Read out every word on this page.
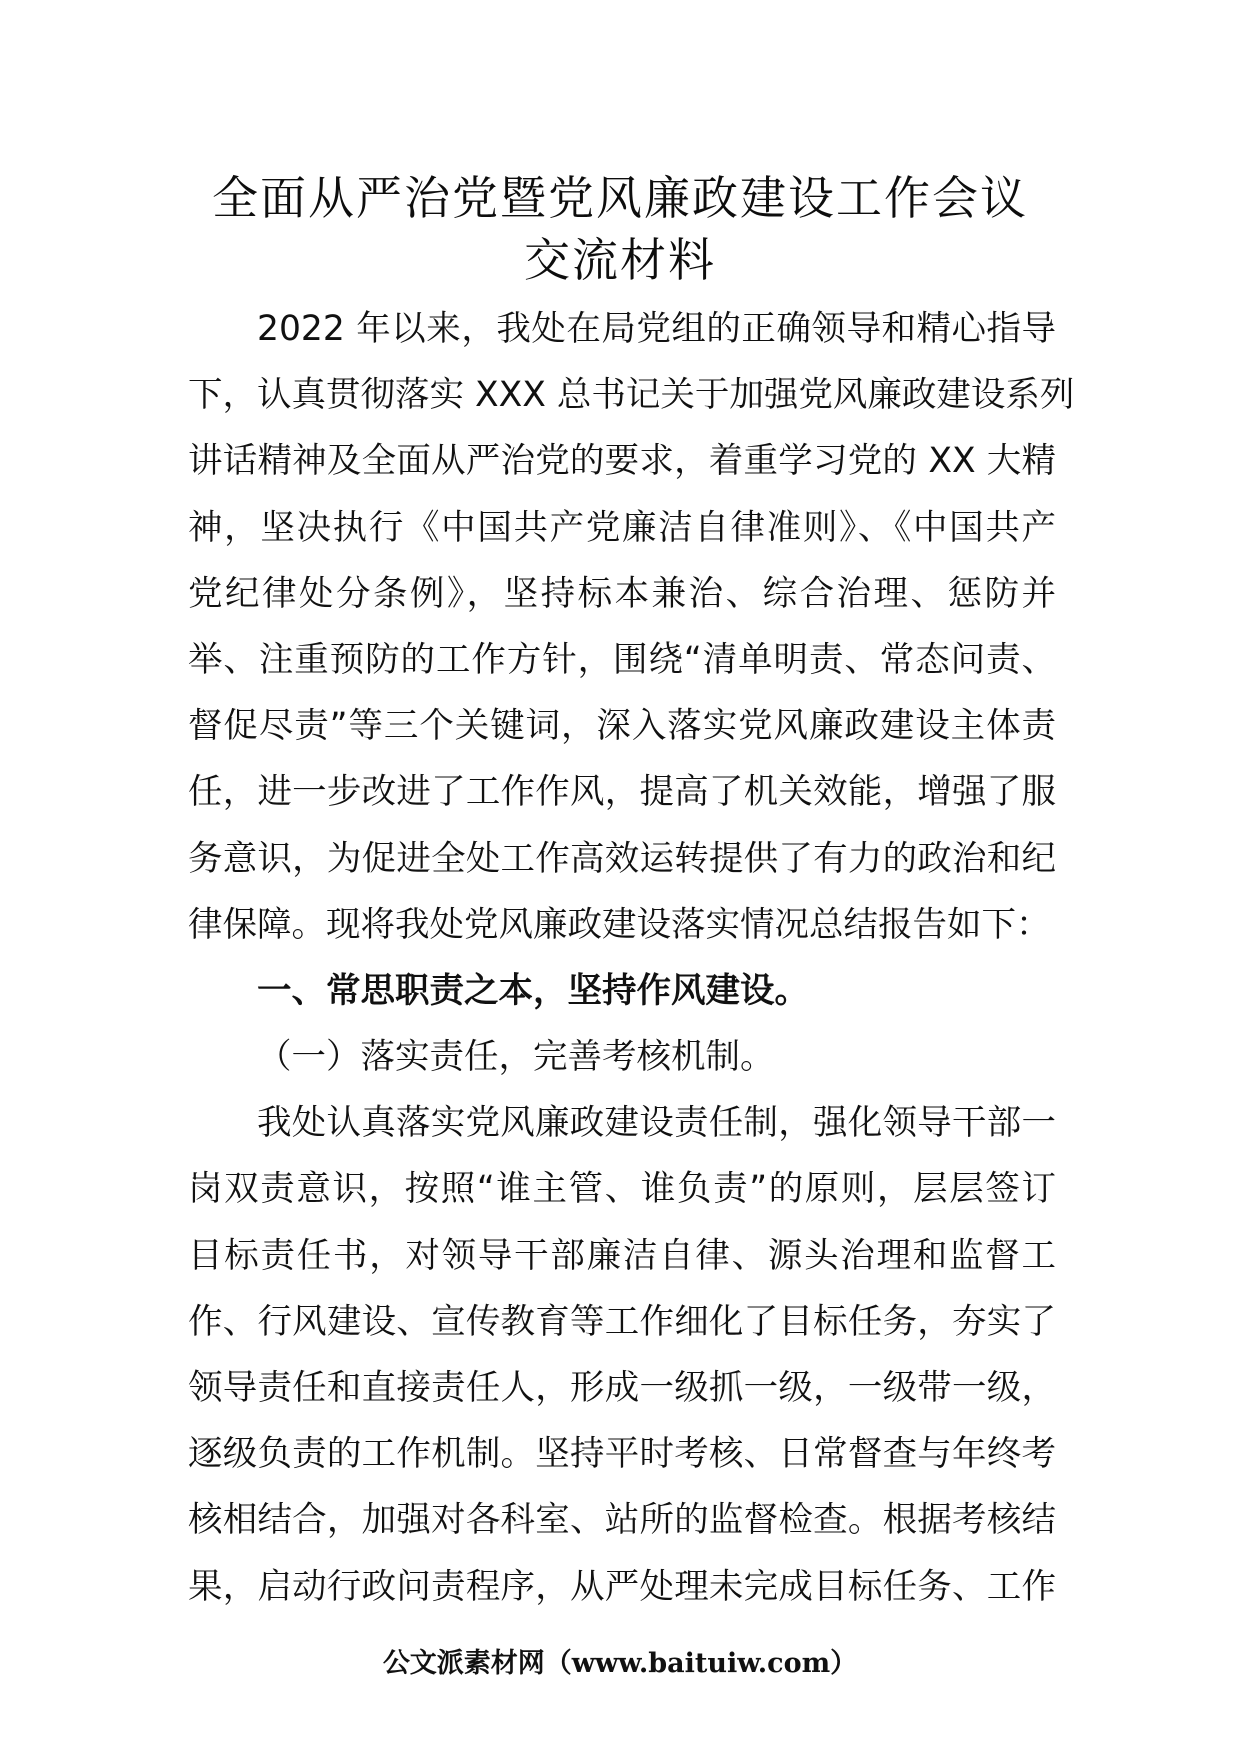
全面从严治党暨党风廉政建设工作会议
交流材料
2022 年以来，我处在局党组的正确领导和精心指导
下，认真贯彻落实 XXX 总书记关于加强党风廉政建设系列
讲话精神及全面从严治党的要求，着重学习党的 XX 大精
神，坚决执行《中国共产党廉洁自律准则》、《中国共产
党纪律处分条例》，坚持标本兼治、综合治理、惩防并
举、注重预防的工作方针，围绕“清单明责、常态问责、
督促尽责”等三个关键词，深入落实党风廉政建设主体责
任，进一步改进了工作作风，提高了机关效能，增强了服
务意识，为促进全处工作高效运转提供了有力的政治和纪
律保障。现将我处党风廉政建设落实情况总结报告如下：
一、常思职责之本，坚持作风建设。
（一）落实责任，完善考核机制。
我处认真落实党风廉政建设责任制，强化领导干部一
岗双责意识，按照“谁主管、谁负责”的原则，层层签订
目标责任书，对领导干部廉洁自律、源头治理和监督工
作、行风建设、宣传教育等工作细化了目标任务，夯实了
领导责任和直接责任人，形成一级抓一级，一级带一级，
逐级负责的工作机制。坚持平时考核、日常督查与年终考
核相结合，加强对各科室、站所的监督检查。根据考核结
果，启动行政问责程序，从严处理未完成目标任务、工作
公文派素材网（www.baituiw.com）
